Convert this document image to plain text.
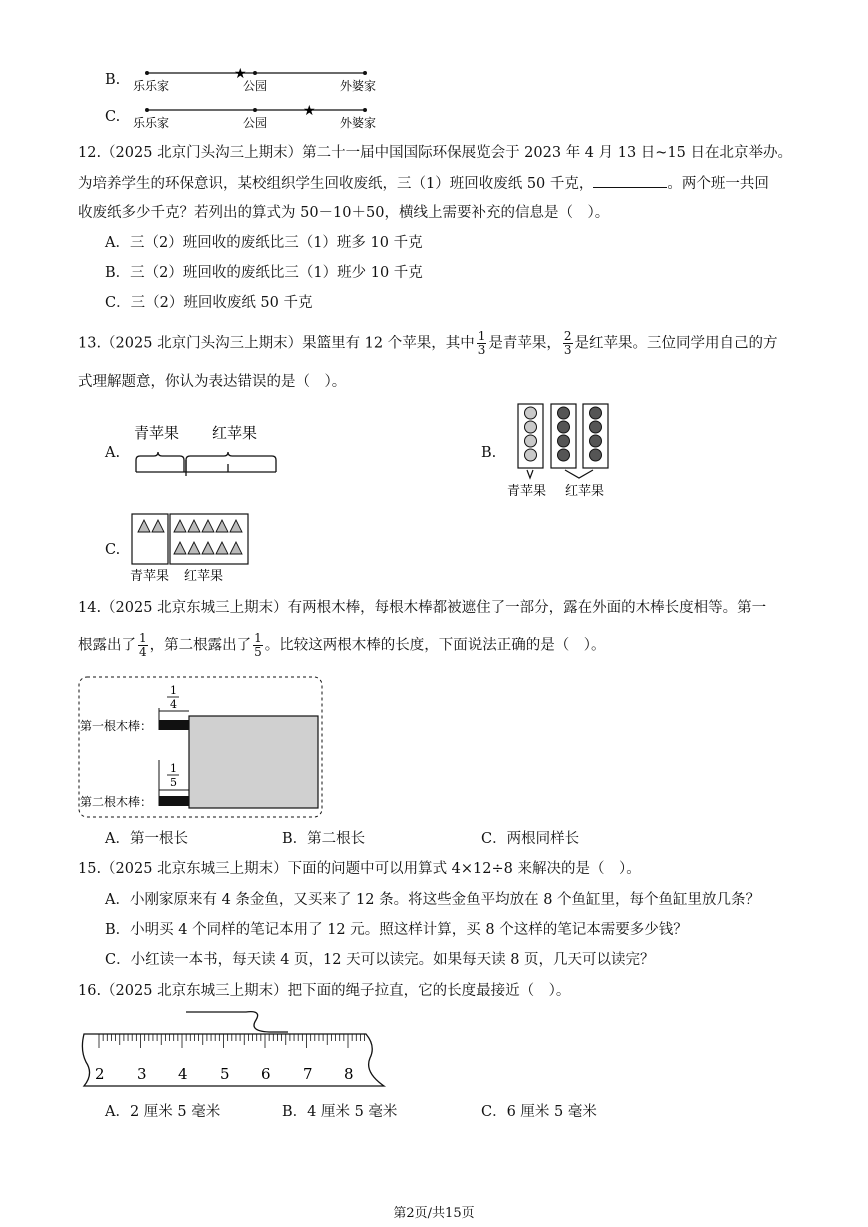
B.	★
乐乐家	公园	外婆家
C.	★
乐乐家	公园	外婆家
12.（2025 北京门头沟三上期末）第二十一届中国国际环保展览会于 2023 年 4 月 13 日~15 日在北京举办。
为培养学生的环保意识，某校组织学生回收废纸，三（1）班回收废纸 50 千克，	。两个班一共回
收废纸多少千克？若列出的算式为 50－10＋50，横线上需要补充的信息是（　）。
A．三（2）班回收的废纸比三（1）班多 10 千克
B．三（2）班回收的废纸比三（1）班少 10 千克
C．三（2）班回收废纸 50 千克
13.（2025 北京门头沟三上期末）果篮里有 12 个苹果，其中 $\frac{1}{3}$ 是青苹果， $\frac{2}{3}$ 是红苹果。三位同学用自己的方
式理解题意，你认为表达错误的是（　）。
A.
青苹果 红苹果
B.
青苹果 红苹果
C.
青苹果 红苹果
14.（2025 北京东城三上期末）有两根木棒，每根木棒都被遮住了一部分，露在外面的木棒长度相等。第一
根露出了 $\frac{1}{4}$ ，第二根露出了 $\frac{1}{5}$ 。比较这两根木棒的长度，下面说法正确的是（　）。
1
4
1
5
第一根木棒：
第二根木棒：
A．第一根长	B．第二根长	C．两根同样长
15.（2025 北京东城三上期末）下面的问题中可以用算式 4×12÷8 来解决的是（　）。
A．小刚家原来有 4 条金鱼，又买来了 12 条。将这些金鱼平均放在 8 个鱼缸里，每个鱼缸里放几条？
B．小明买 4 个同样的笔记本用了 12 元。照这样计算，买 8 个这样的笔记本需要多少钱？
C．小红读一本书，每天读 4 页，12 天可以读完。如果每天读 8 页，几天可以读完？
16.（2025 北京东城三上期末）把下面的绳子拉直，它的长度最接近（　）。
2 3 4 5 6 7 8
A．2 厘米 5 毫米	B．4 厘米 5 毫米	C．6 厘米 5 毫米
第2页/共15页
